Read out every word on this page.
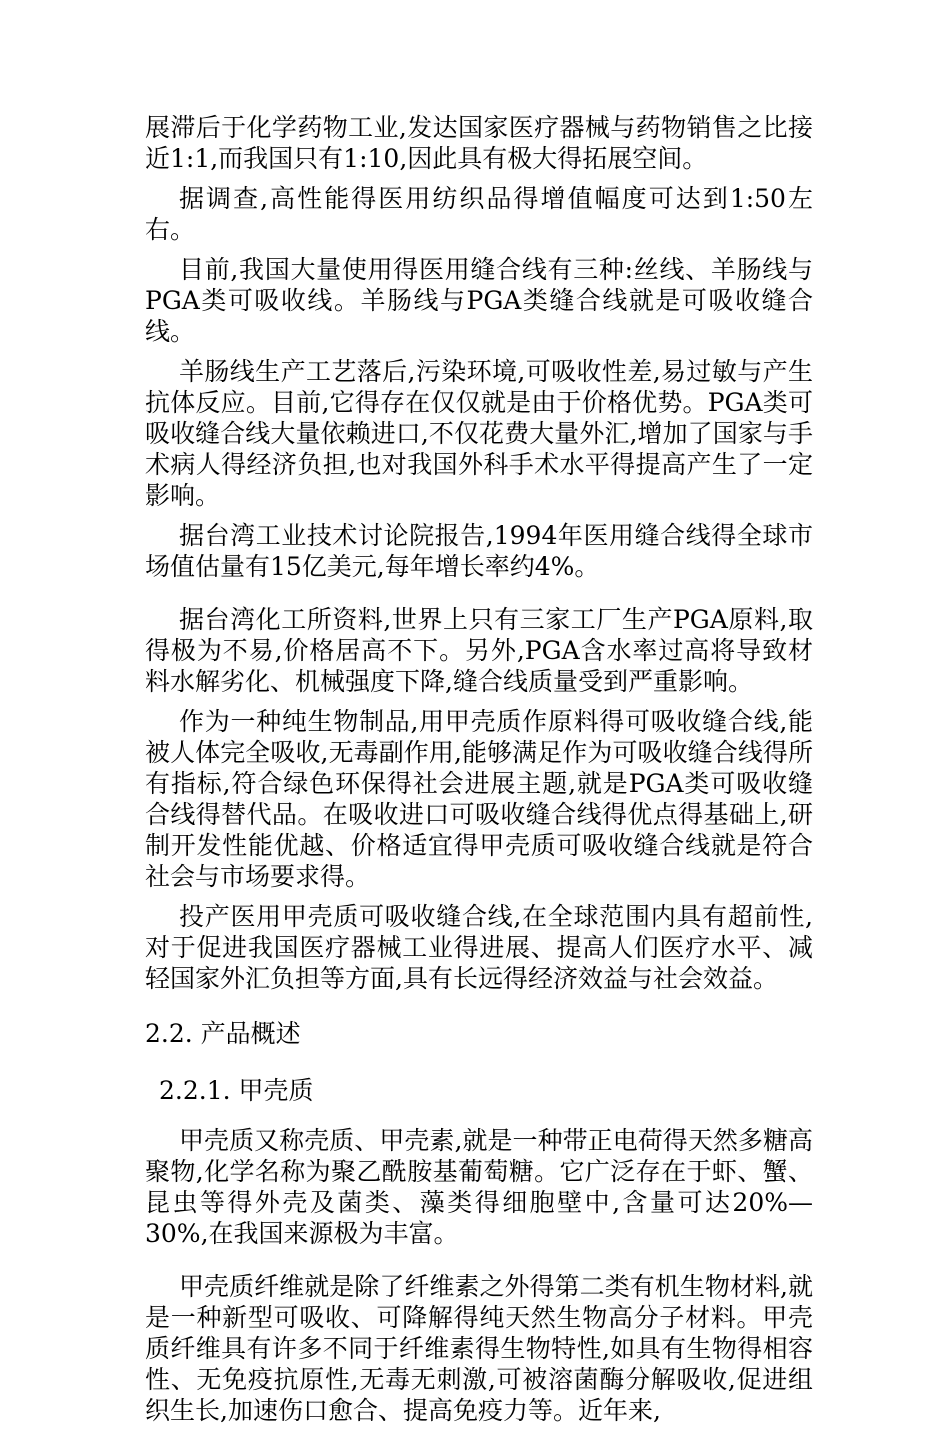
展滞后于化学药物工业,发达国家医疗器械与药物销售之比接近1:1,而我国只有1:10,因此具有极大得拓展空间。

据调查,高性能得医用纺织品得增值幅度可达到1:50左右。

目前,我国大量使用得医用缝合线有三种:丝线、羊肠线与PGA类可吸收线。羊肠线与PGA类缝合线就是可吸收缝合线。

羊肠线生产工艺落后,污染环境,可吸收性差,易过敏与产生抗体反应。目前,它得存在仅仅就是由于价格优势。PGA类可吸收缝合线大量依赖进口,不仅花费大量外汇,增加了国家与手术病人得经济负担,也对我国外科手术水平得提高产生了一定影响。

据台湾工业技术讨论院报告,1994年医用缝合线得全球市场值估量有15亿美元,每年增长率约4%。

据台湾化工所资料,世界上只有三家工厂生产PGA原料,取得极为不易,价格居高不下。另外,PGA含水率过高将导致材料水解劣化、机械强度下降,缝合线质量受到严重影响。

作为一种纯生物制品,用甲壳质作原料得可吸收缝合线,能被人体完全吸收,无毒副作用,能够满足作为可吸收缝合线得所有指标,符合绿色环保得社会进展主题,就是PGA类可吸收缝合线得替代品。在吸收进口可吸收缝合线得优点得基础上,研制开发性能优越、价格适宜得甲壳质可吸收缝合线就是符合社会与市场要求得。

投产医用甲壳质可吸收缝合线,在全球范围内具有超前性,对于促进我国医疗器械工业得进展、提高人们医疗水平、减轻国家外汇负担等方面,具有长远得经济效益与社会效益。

2.2. 产品概述
2.2.1. 甲壳质

甲壳质又称壳质、甲壳素,就是一种带正电荷得天然多糖高聚物,化学名称为聚乙酰胺基葡萄糖。它广泛存在于虾、蟹、昆虫等得外壳及菌类、藻类得细胞壁中,含量可达20%—30%,在我国来源极为丰富。

甲壳质纤维就是除了纤维素之外得第二类有机生物材料,就是一种新型可吸收、可降解得纯天然生物高分子材料。甲壳质纤维具有许多不同于纤维素得生物特性,如具有生物得相容性、无免疫抗原性,无毒无刺激,可被溶菌酶分解吸收,促进组织生长,加速伤口愈合、提高免疫力等。近年来,
